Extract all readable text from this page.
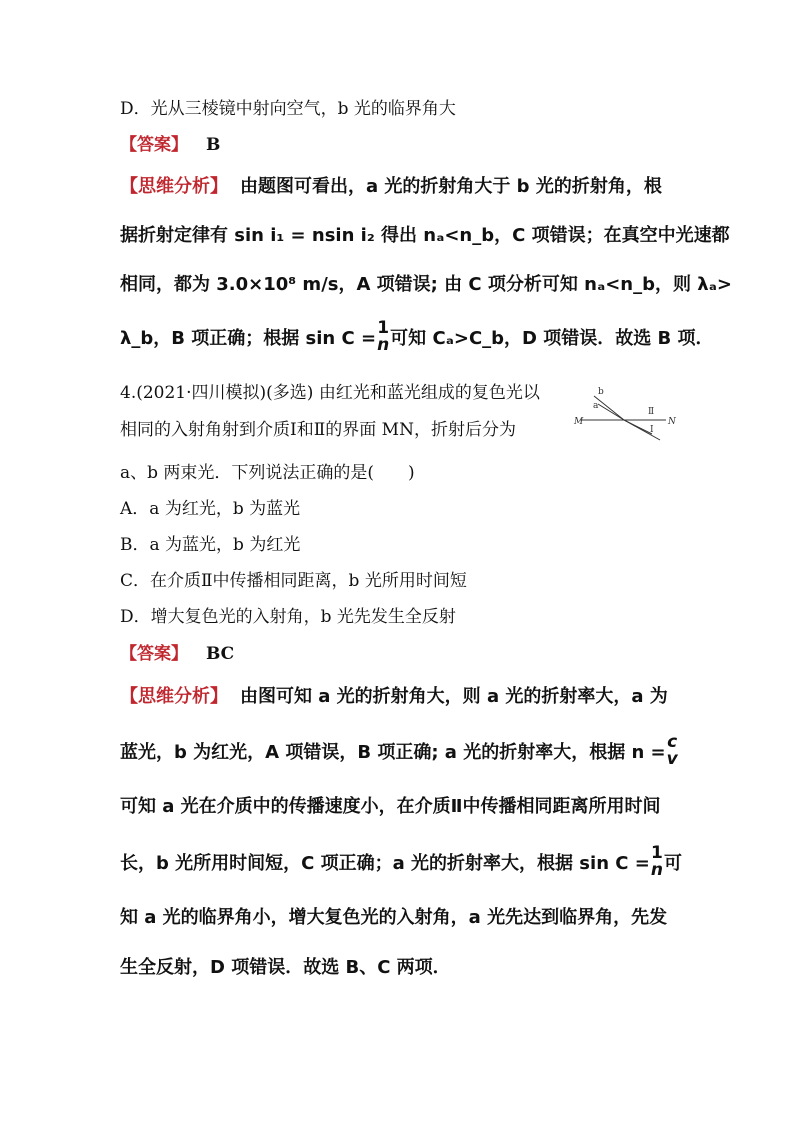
D．光从三棱镜中射向空气，b 光的临界角大
【答案】 B
【思维分析】 由题图可看出，a 光的折射角大于 b 光的折射角，根
据折射定律有 sin i₁ = nsin i₂ 得出 nₐ<n_b，C 项错误；在真空中光速都
相同，都为 3.0×10⁸ m/s，A 项错误; 由 C 项分析可知 nₐ<n_b，则 λₐ>
λ_b，B 项正确；根据 sin C = 1
n 可知 Cₐ>C_b，D 项错误．故选 B 项．
4.(2021·四川模拟)(多选) 由红光和蓝光组成的复色光以
相同的入射角射到介质Ⅰ和Ⅱ的界面 MN，折射后分为
a、b 两束光．下列说法正确的是(　　)
b
a
M	N
Ⅱ
Ⅰ
A．a 为红光，b 为蓝光
B．a 为蓝光，b 为红光
C．在介质Ⅱ中传播相同距离，b 光所用时间短
D．增大复色光的入射角，b 光先发生全反射
【答案】 BC
【思维分析】 由图可知 a 光的折射角大，则 a 光的折射率大，a 为
蓝光，b 为红光，A 项错误，B 项正确; a 光的折射率大，根据 n = c
v
可知 a 光在介质中的传播速度小，在介质Ⅱ中传播相同距离所用时间
长，b 光所用时间短，C 项正确；a 光的折射率大，根据 sin C = 1
n 可
知 a 光的临界角小，增大复色光的入射角，a 光先达到临界角，先发
生全反射，D 项错误．故选 B、C 两项．
